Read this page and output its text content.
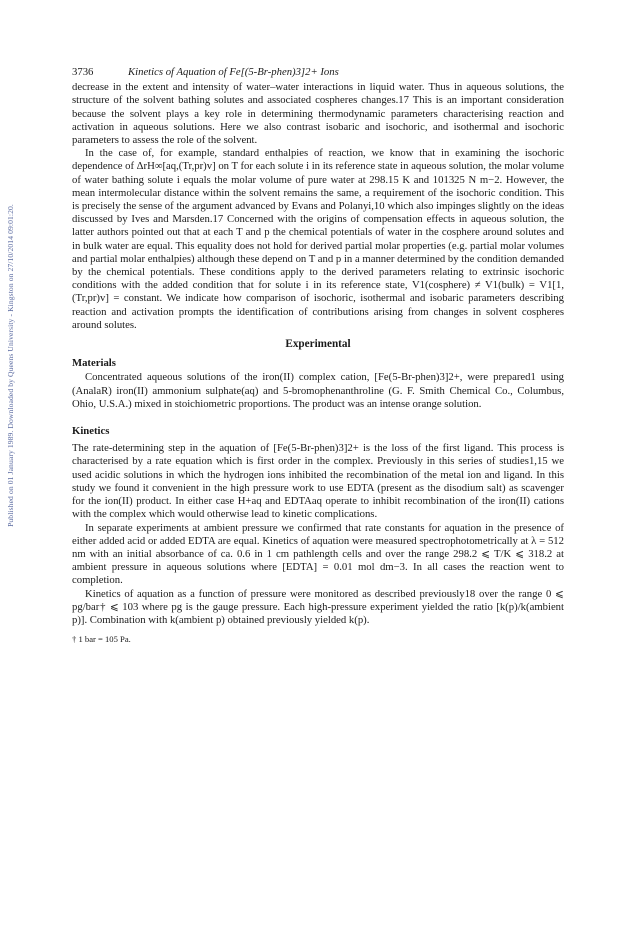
Published on 01 January 1989. Downloaded by Queens University - Kingston on 27/10/2014 09:01:20.
3736	Kinetics of Aquation of Fe[(5-Br-phen)3]2+ Ions

decrease in the extent and intensity of water–water interactions in liquid water. Thus in aqueous solutions, the structure of the solvent bathing solutes and associated cospheres changes.17 This is an important consideration because the solvent plays a key role in determining thermodynamic parameters characterising reaction and activation in aqueous solutions. Here we also contrast isobaric and isochoric, and isothermal and isochoric parameters to assess the role of the solvent.

In the case of, for example, standard enthalpies of reaction, we know that in examining the isochoric dependence of ΔrH∞[aq,(Tr,pr)v] on T for each solute i in its reference state in aqueous solution, the molar volume of water bathing solute i equals the molar volume of pure water at 298.15 K and 101325 N m−2. However, the mean intermolecular distance within the solvent remains the same, a requirement of the isochoric condition. This is precisely the sense of the argument advanced by Evans and Polanyi,10 which also impinges slightly on the ideas discussed by Ives and Marsden.17 Concerned with the origins of compensation effects in aqueous solution, the latter authors pointed out that at each T and p the chemical potentials of water in the cosphere around solutes and in bulk water are equal. This equality does not hold for derived partial molar properties (e.g. partial molar volumes and partial molar enthalpies) although these depend on T and p in a manner determined by the condition demanded by the chemical potentials. These conditions apply to the derived parameters relating to extrinsic isochoric conditions with the added condition that for solute i in its reference state, V1(cosphere) ≠ V1(bulk) = V1[1,(Tr,pr)v] = constant. We indicate how comparison of isochoric, isothermal and isobaric parameters describing reaction and activation prompts the identification of contributions arising from changes in solvent cospheres around solutes.

Experimental
Materials

Concentrated aqueous solutions of the iron(II) complex cation, [Fe(5-Br-phen)3]2+, were prepared1 using (AnalaR) iron(II) ammonium sulphate(aq) and 5-bromophenanthroline (G. F. Smith Chemical Co., Columbus, Ohio, U.S.A.) mixed in stoichiometric proportions. The product was an intense orange solution.

Kinetics

The rate-determining step in the aquation of [Fe(5-Br-phen)3]2+ is the loss of the first ligand. This process is characterised by a rate equation which is first order in the complex. Previously in this series of studies1,15 we used acidic solutions in which the hydrogen ions inhibited the recombination of the metal ion and ligand. In this study we found it convenient in the high pressure work to use EDTA (present as the disodium salt) as scavenger for the ion(II) product. In either case H+aq and EDTAaq operate to inhibit recombination of the iron(II) cations with the complex which would otherwise lead to kinetic complications.

In separate experiments at ambient pressure we confirmed that rate constants for aquation in the presence of either added acid or added EDTA are equal. Kinetics of aquation were measured spectrophotometrically at λ = 512 nm with an initial absorbance of ca. 0.6 in 1 cm pathlength cells and over the range 298.2 ⩽ T/K ⩽ 318.2 at ambient pressure in aqueous solutions where [EDTA] = 0.01 mol dm−3. In all cases the reaction went to completion.

Kinetics of aquation as a function of pressure were monitored as described previously18 over the range 0 ⩽ pg/bar† ⩽ 103 where pg is the gauge pressure. Each high-pressure experiment yielded the ratio [k(p)/k(ambient p)]. Combination with k(ambient p) obtained previously yielded k(p).

† 1 bar = 105 Pa.
